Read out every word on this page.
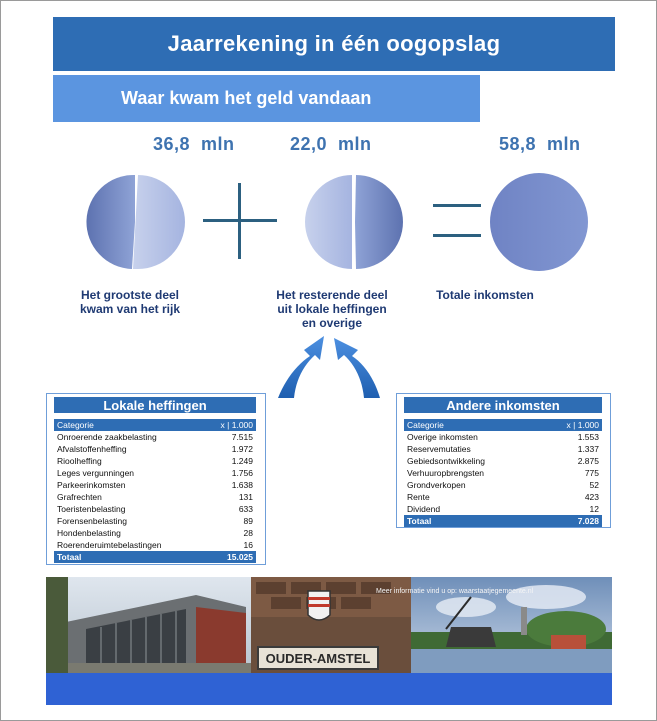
Jaarrekening in één oogopslag
Waar kwam het geld vandaan
36,8  mln	22,0  mln	58,8  mln
Het grootste deel
kwam van het rijk
Het resterende deel
uit lokale heffingen
en overige
Totale inkomsten
Lokale heffingen
Categorie	x | 1.000
Onroerende zaakbelasting	7.515
Afvalstoffenheffing	1.972
Rioolheffing	1.249
Leges vergunningen	1.756
Parkeerinkomsten	1.638
Grafrechten	131
Toeristenbelasting	633
Forensenbelasting	89
Hondenbelasting	28
Roerenderuimtebelastingen	16
Totaal	15.025
Andere inkomsten
Categorie	x | 1.000
Overige inkomsten	1.553
Reservemutaties	1.337
Gebiedsontwikkeling	2.875
Verhuuropbrengsten	775
Grondverkopen	52
Rente	423
Dividend	12
Totaal	7.028
OUDER-AMSTEL
Meer informatie vind u op: waarstaatjegemeente.nl
